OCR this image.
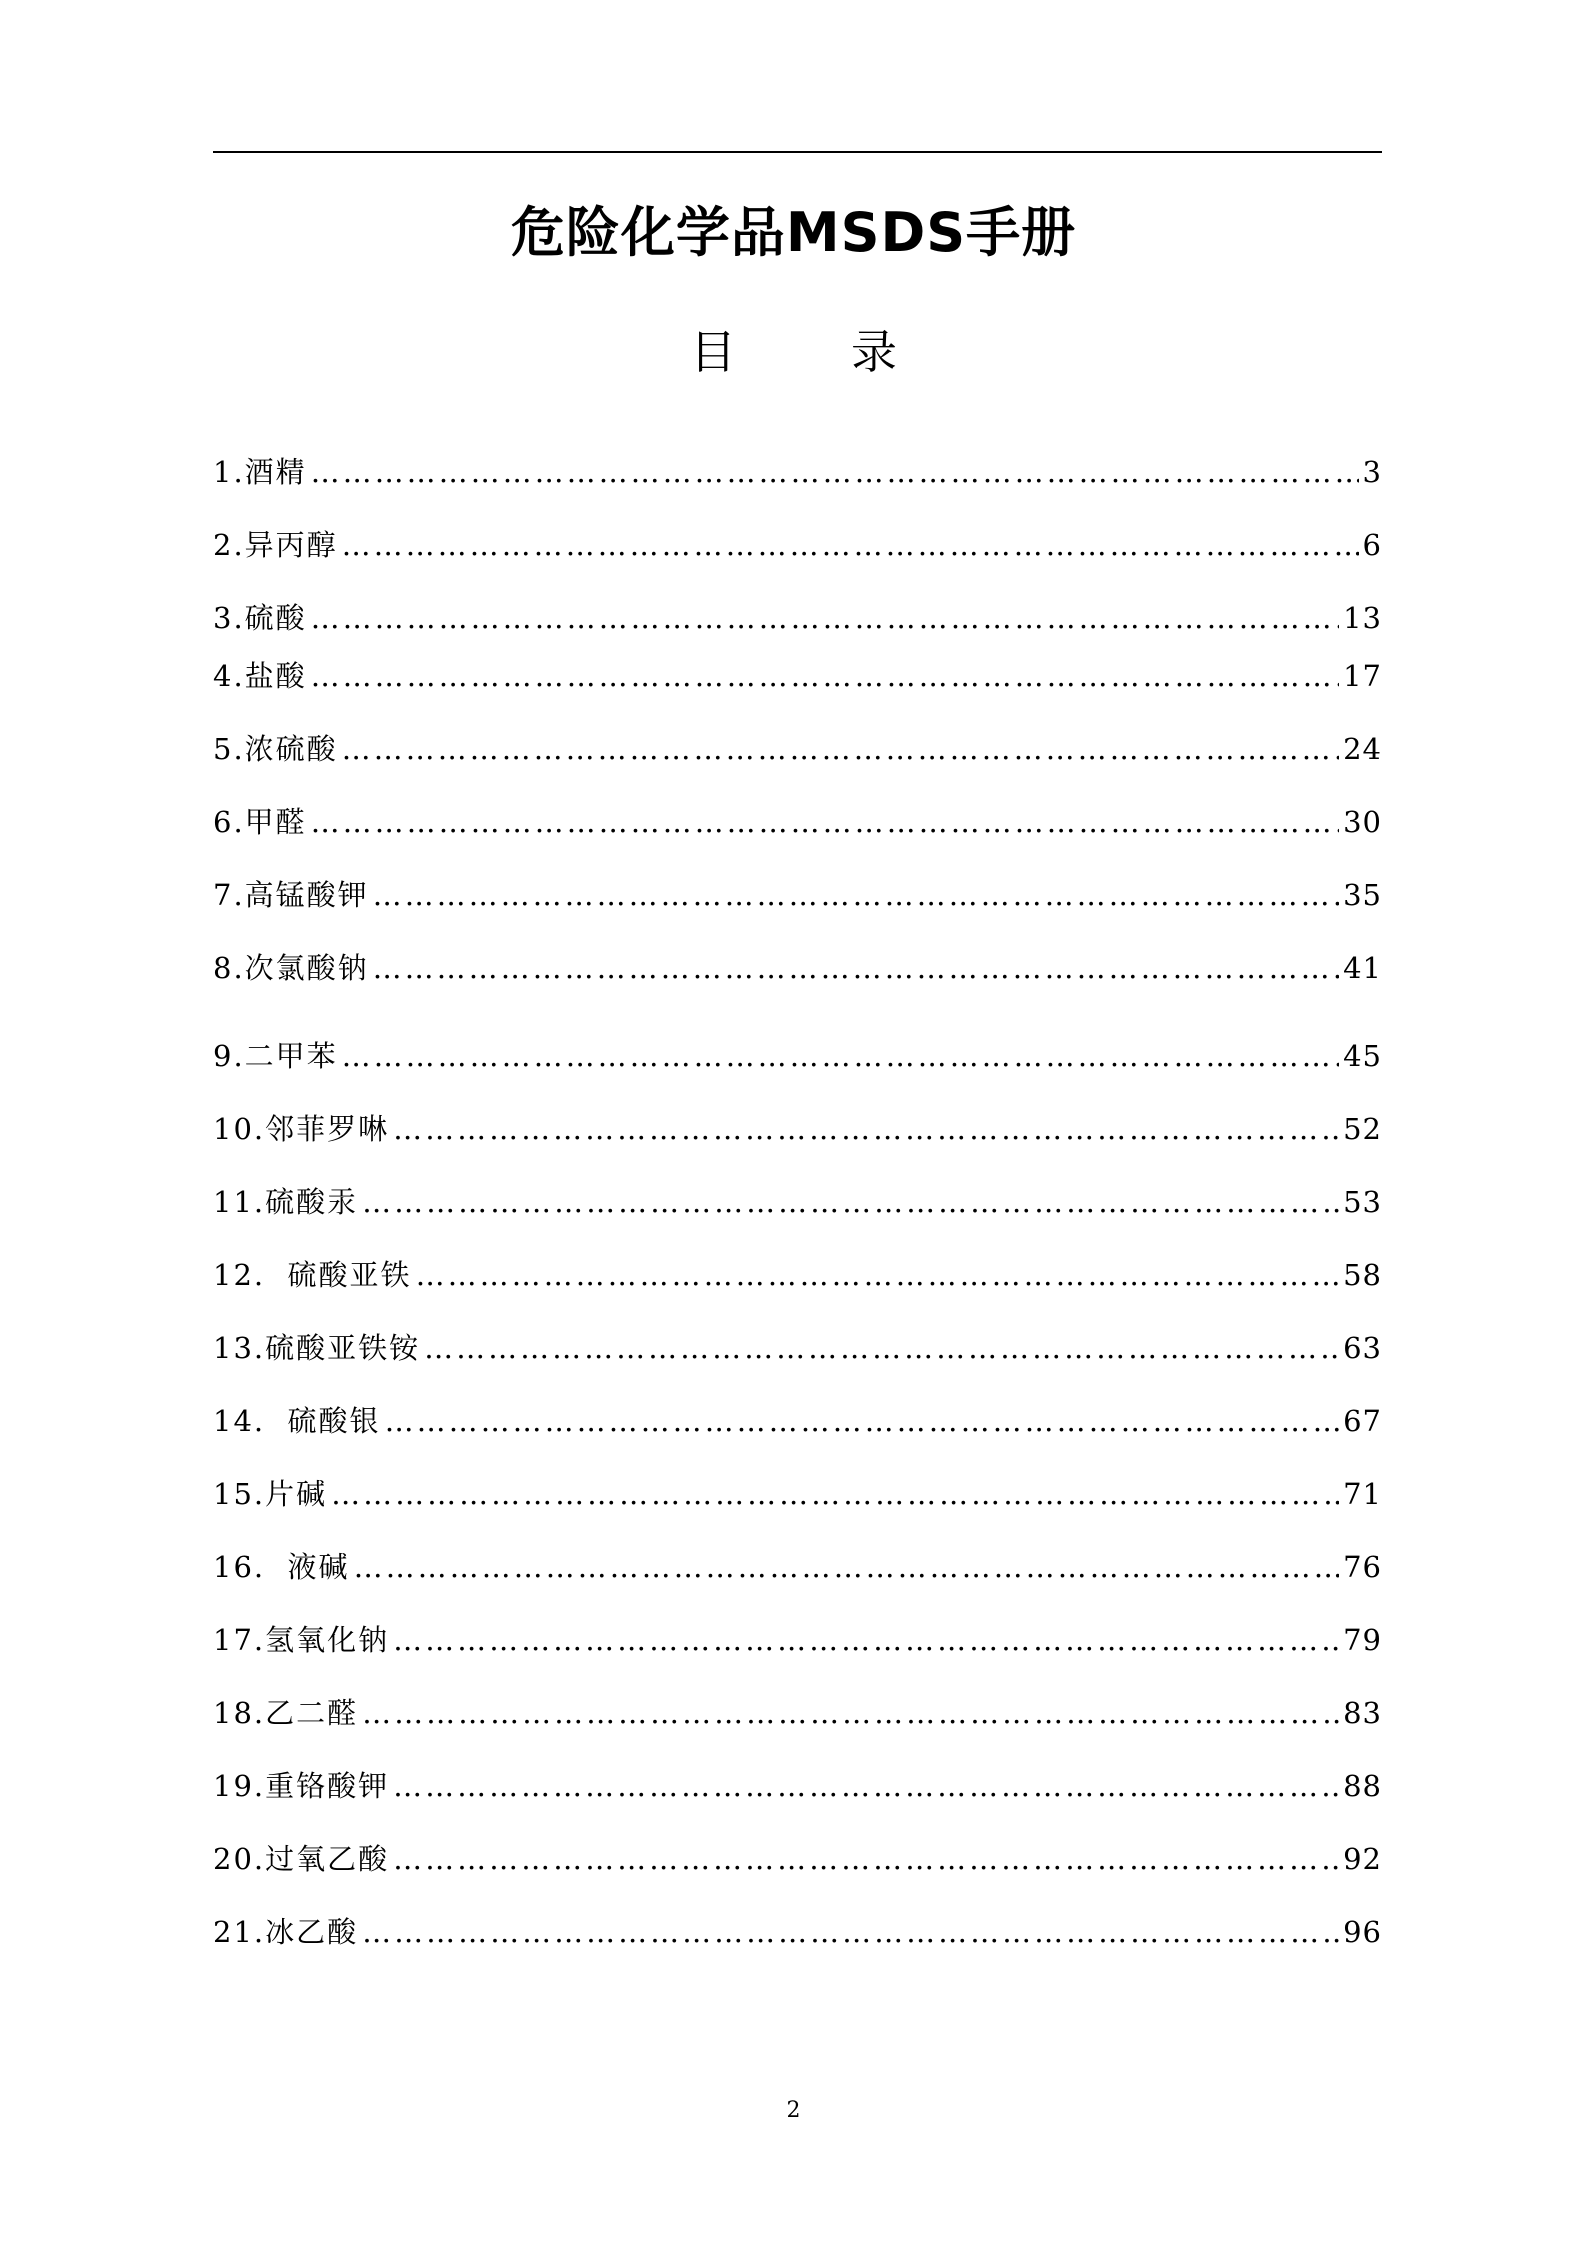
危险化学品MSDS手册
目	录
1.酒精 …………………………………………………………………………………………………………………………………………………………………………………………………	3
2.异丙醇 …………………………………………………………………………………………………………………………………………………………………………………………………	6
3.硫酸 …………………………………………………………………………………………………………………………………………………………………………………………………	13
4.盐酸 …………………………………………………………………………………………………………………………………………………………………………………………………	17
5.浓硫酸 …………………………………………………………………………………………………………………………………………………………………………………………………	24
6.甲醛 …………………………………………………………………………………………………………………………………………………………………………………………………	30
7.高锰酸钾 …………………………………………………………………………………………………………………………………………………………………………………………………	35
8.次氯酸钠 …………………………………………………………………………………………………………………………………………………………………………………………………	41
9.二甲苯 …………………………………………………………………………………………………………………………………………………………………………………………………	45
10.邻菲罗啉 …………………………………………………………………………………………………………………………………………………………………………………………………	52
11.硫酸汞 …………………………………………………………………………………………………………………………………………………………………………………………………	53
12.  硫酸亚铁 …………………………………………………………………………………………………………………………………………………………………………………………………	58
13.硫酸亚铁铵 …………………………………………………………………………………………………………………………………………………………………………………………………	63
14.  硫酸银 …………………………………………………………………………………………………………………………………………………………………………………………………	67
15.片碱 …………………………………………………………………………………………………………………………………………………………………………………………………	71
16.  液碱 …………………………………………………………………………………………………………………………………………………………………………………………………	76
17.氢氧化钠 …………………………………………………………………………………………………………………………………………………………………………………………………	79
18.乙二醛 …………………………………………………………………………………………………………………………………………………………………………………………………	83
19.重铬酸钾 …………………………………………………………………………………………………………………………………………………………………………………………………	88
20.过氧乙酸 …………………………………………………………………………………………………………………………………………………………………………………………………	92
21.冰乙酸 …………………………………………………………………………………………………………………………………………………………………………………………………	96
2
